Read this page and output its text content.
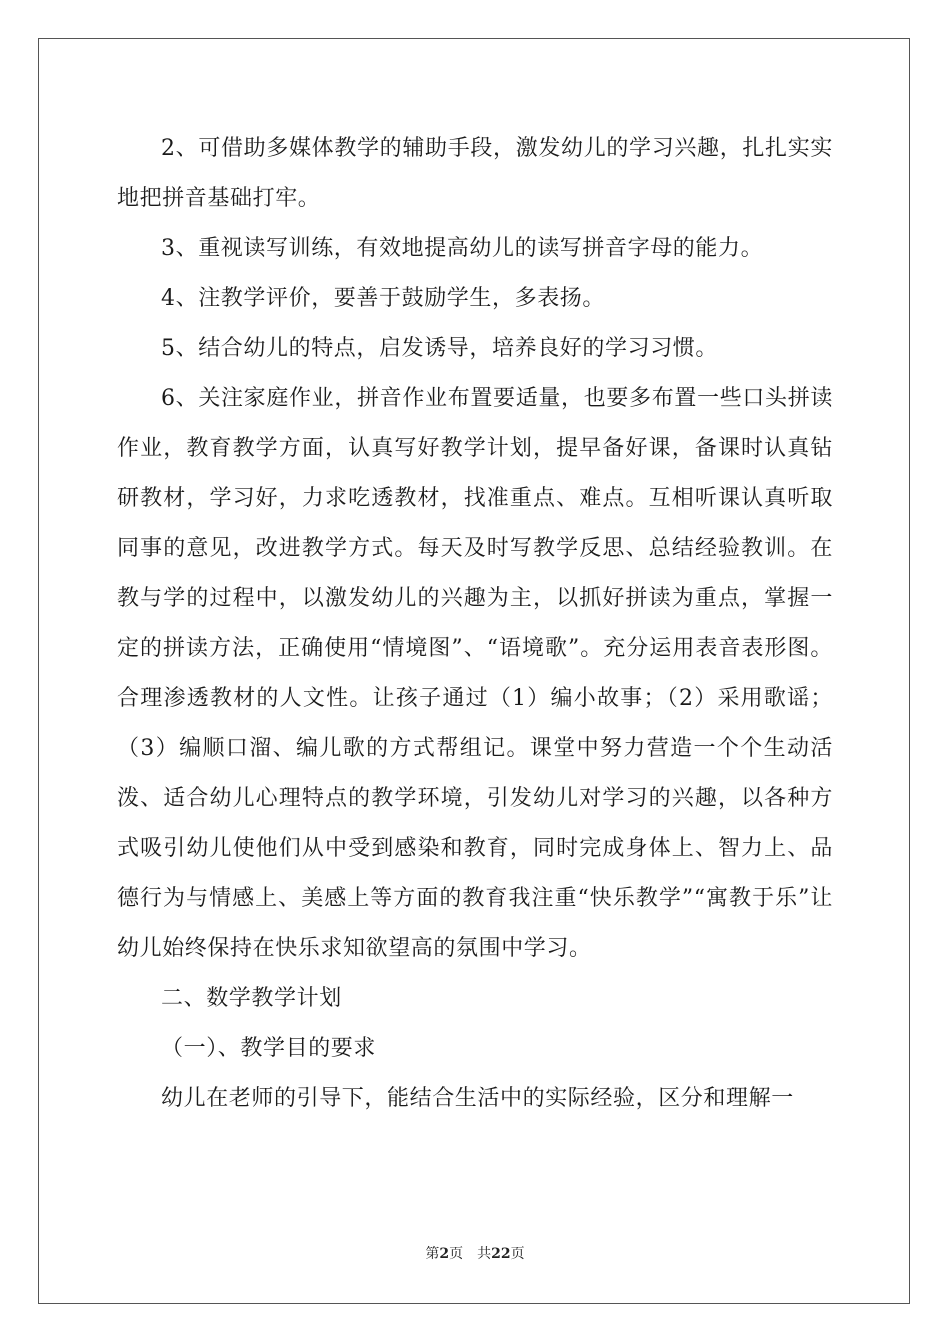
2、可借助多媒体教学的辅助手段，激发幼儿的学习兴趣，扎扎实实地把拼音基础打牢。

3、重视读写训练，有效地提高幼儿的读写拼音字母的能力。

4、注教学评价，要善于鼓励学生，多表扬。

5、结合幼儿的特点，启发诱导，培养良好的学习习惯。

6、关注家庭作业，拼音作业布置要适量，也要多布置一些口头拼读作业，教育教学方面，认真写好教学计划，提早备好课，备课时认真钻研教材，学习好，力求吃透教材，找准重点、难点。互相听课认真听取同事的意见，改进教学方式。每天及时写教学反思、总结经验教训。在教与学的过程中，以激发幼儿的兴趣为主，以抓好拼读为重点，掌握一定的拼读方法，正确使用“情境图”、“语境歌”。充分运用表音表形图。合理渗透教材的人文性。让孩子通过（1）编小故事；（2）采用歌谣；（3）编顺口溜、编儿歌的方式帮组记。课堂中努力营造一个个生动活泼、适合幼儿心理特点的教学环境，引发幼儿对学习的兴趣，以各种方式吸引幼儿使他们从中受到感染和教育，同时完成身体上、智力上、品德行为与情感上、美感上等方面的教育我注重“快乐教学”“寓教于乐”让幼儿始终保持在快乐求知欲望高的氛围中学习。

二、数学教学计划

（一）、教学目的要求

幼儿在老师的引导下，能结合生活中的实际经验，区分和理解一

第2页 共22页
